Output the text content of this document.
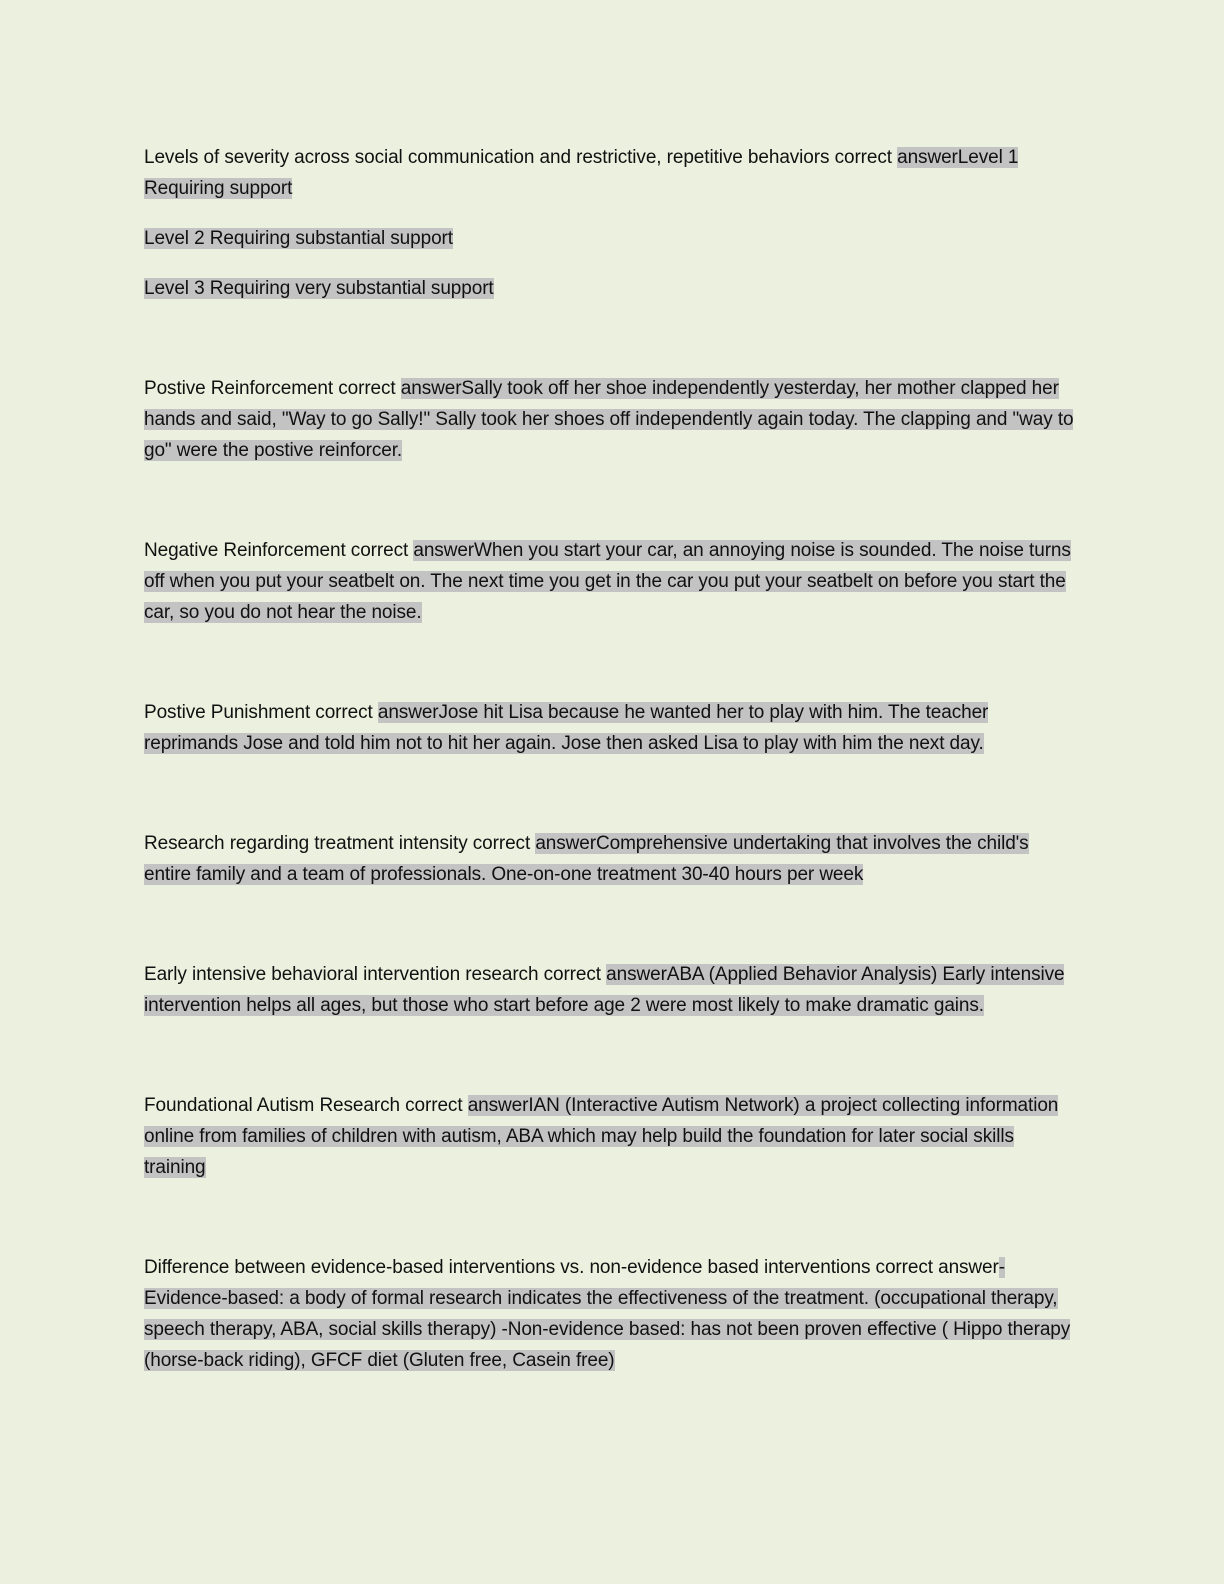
Levels of severity across social communication and restrictive, repetitive behaviors correct answerLevel 1 Requiring support

Level 2 Requiring substantial support

Level 3 Requiring very substantial support

Postive Reinforcement correct answerSally took off her shoe independently yesterday, her mother clapped her hands and said, "Way to go Sally!" Sally took her shoes off independently again today. The clapping and "way to go" were the postive reinforcer.

Negative Reinforcement correct answerWhen you start your car, an annoying noise is sounded. The noise turns off when you put your seatbelt on. The next time you get in the car you put your seatbelt on before you start the car, so you do not hear the noise.

Postive Punishment correct answerJose hit Lisa because he wanted her to play with him. The teacher reprimands Jose and told him not to hit her again. Jose then asked Lisa to play with him the next day.

Research regarding treatment intensity correct answerComprehensive undertaking that involves the child's entire family and a team of professionals. One-on-one treatment 30-40 hours per week

Early intensive behavioral intervention research correct answerABA (Applied Behavior Analysis) Early intensive intervention helps all ages, but those who start before age 2 were most likely to make dramatic gains.

Foundational Autism Research correct answerIAN (Interactive Autism Network) a project collecting information online from families of children with autism, ABA which may help build the foundation for later social skills training

Difference between evidence-based interventions vs. non-evidence based interventions correct answer-Evidence-based: a body of formal research indicates the effectiveness of the treatment. (occupational therapy, speech therapy, ABA, social skills therapy) -Non-evidence based: has not been proven effective ( Hippo therapy (horse-back riding), GFCF diet (Gluten free, Casein free)
